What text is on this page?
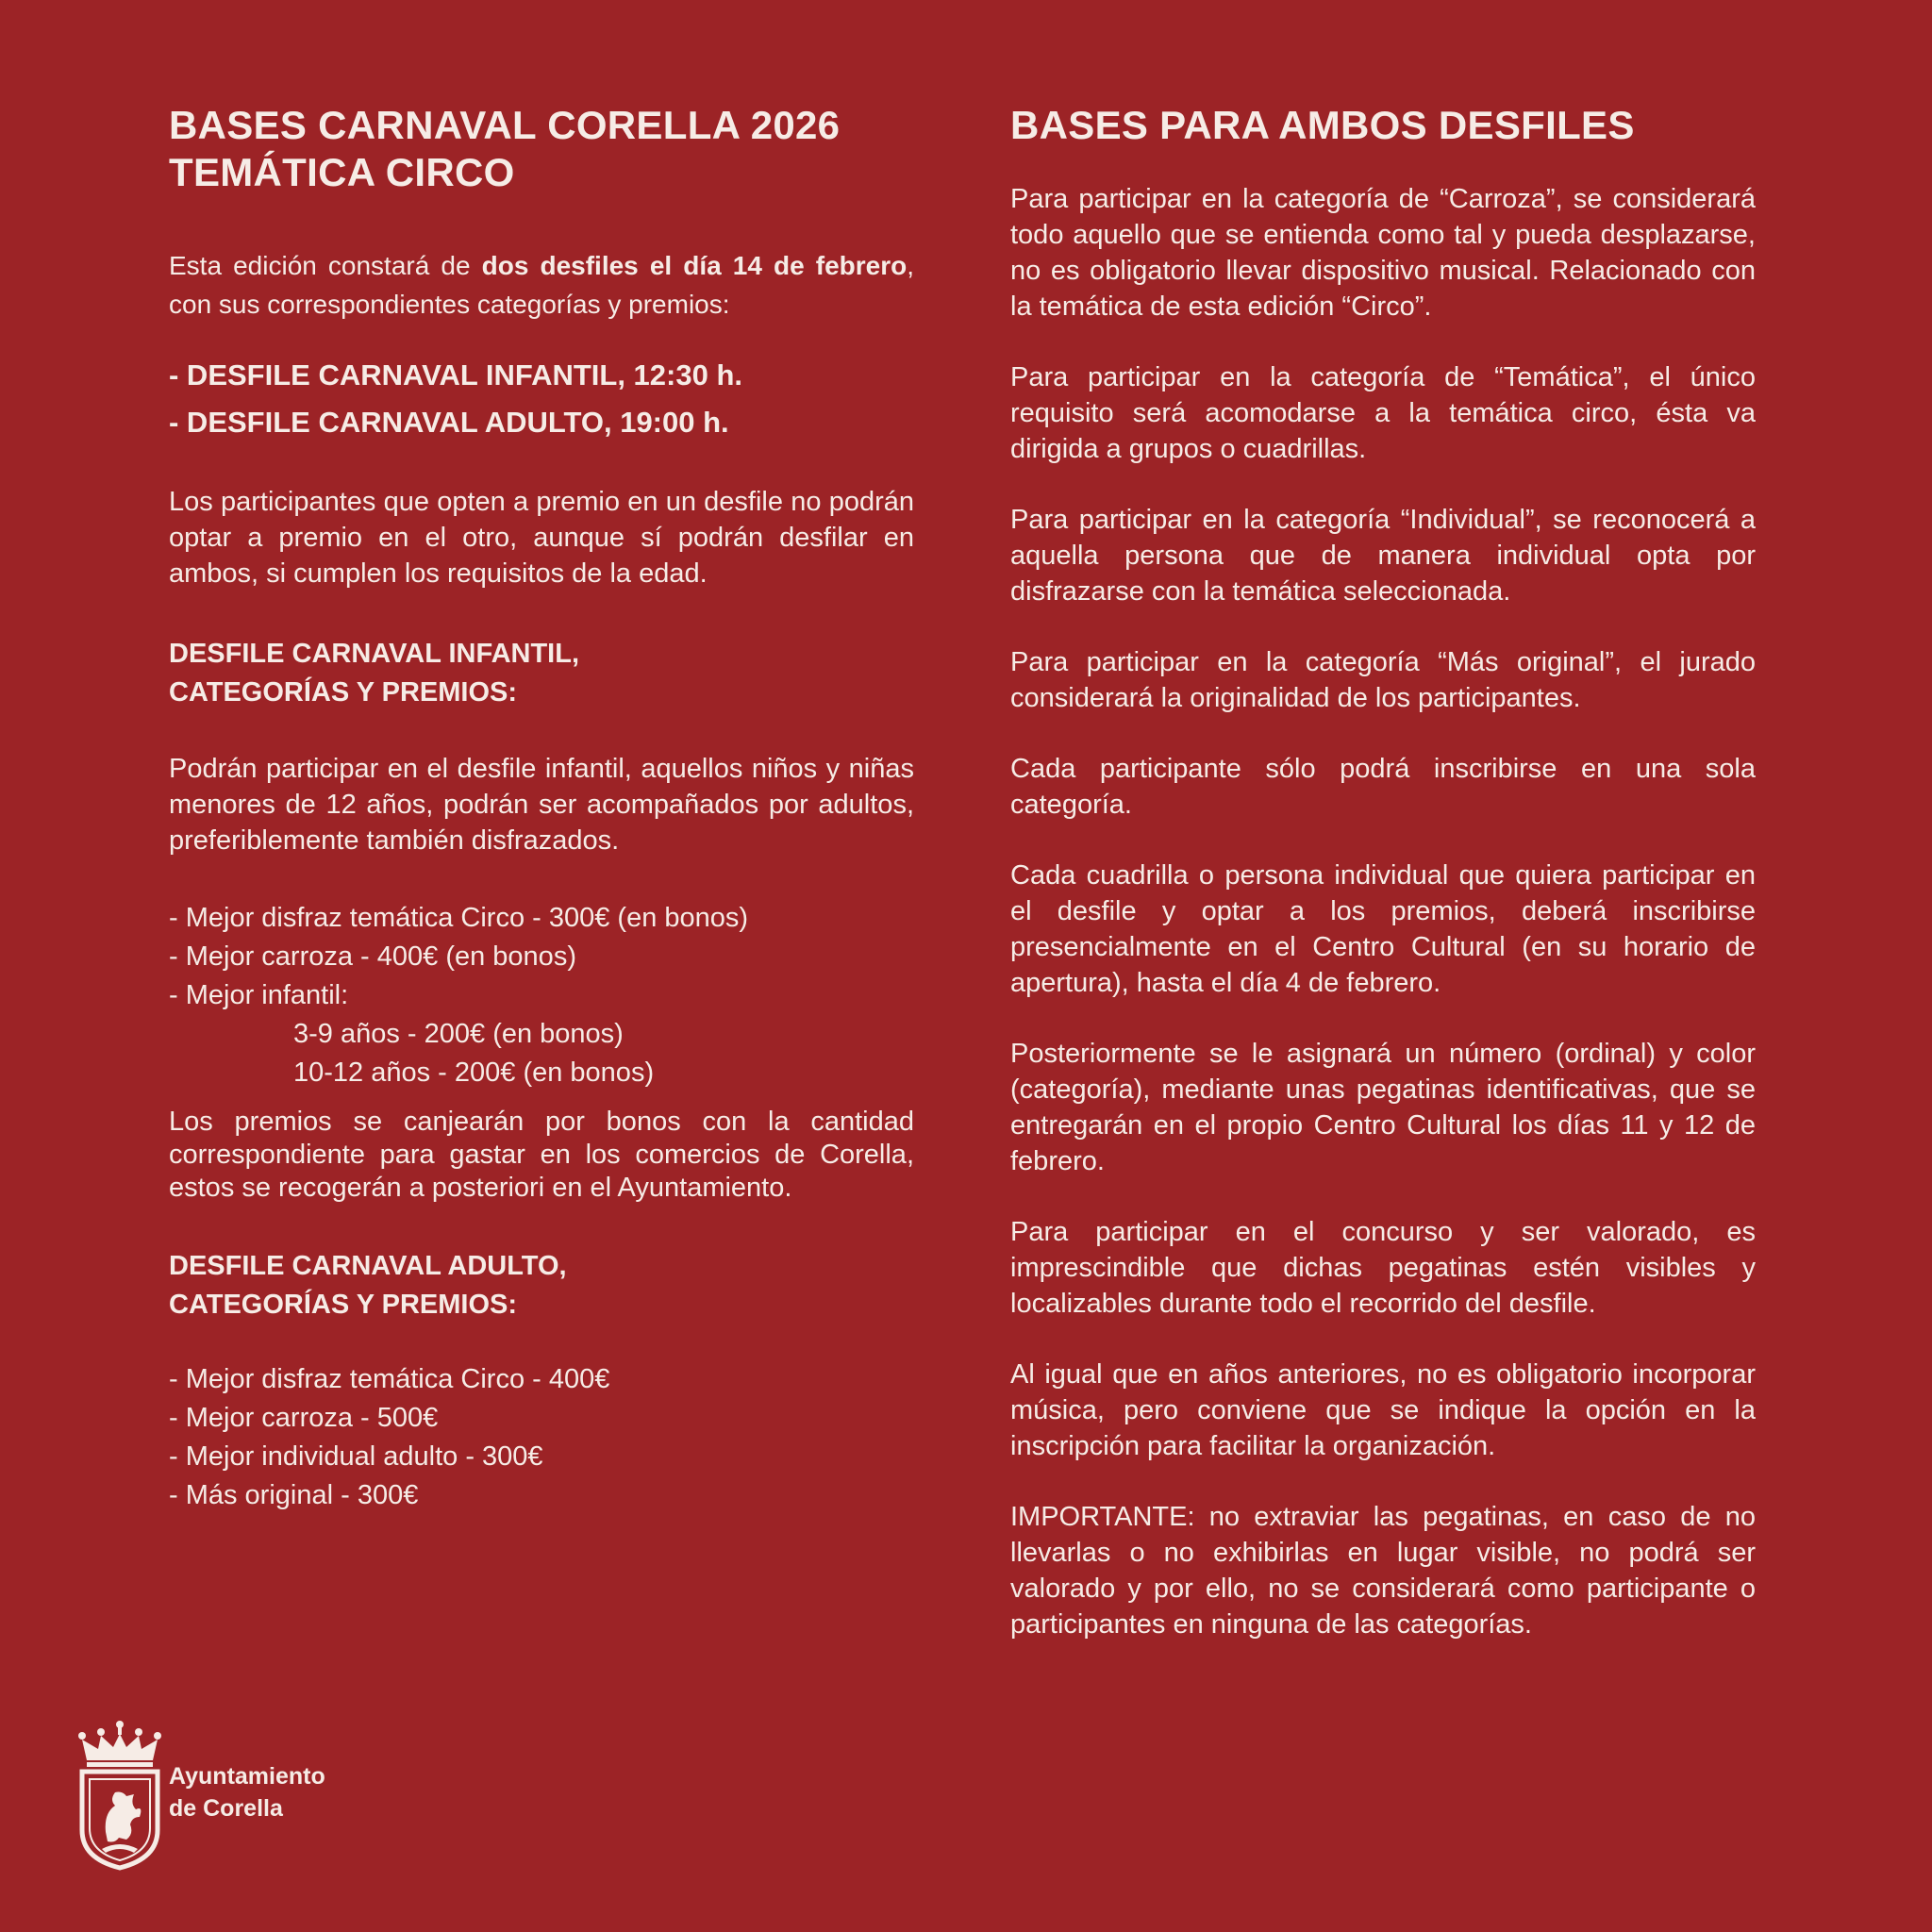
BASES CARNAVAL CORELLA 2026
TEMÁTICA CIRCO

Esta edición constará de dos desfiles el día 14 de febrero, con sus correspondientes categorías y premios:

- DESFILE CARNAVAL INFANTIL, 12:30 h.
- DESFILE CARNAVAL ADULTO, 19:00 h.

Los participantes que opten a premio en un desfile no podrán optar a premio en el otro, aunque sí podrán desfilar en ambos, si cumplen los requisitos de la edad.

DESFILE CARNAVAL INFANTIL,
CATEGORÍAS Y PREMIOS:

Podrán participar en el desfile infantil, aquellos niños y niñas menores de 12 años, podrán ser acompañados por adultos, preferiblemente también disfrazados.

- Mejor disfraz temática Circo - 300€ (en bonos)
- Mejor carroza - 400€ (en bonos)
- Mejor infantil:
3-9 años - 200€ (en bonos)
10-12 años - 200€ (en bonos)

Los premios se canjearán por bonos con la cantidad correspondiente para gastar en los comercios de Corella, estos se recogerán a posteriori en el Ayuntamiento.

DESFILE CARNAVAL ADULTO,
CATEGORÍAS Y PREMIOS:
- Mejor disfraz temática Circo - 400€
- Mejor carroza - 500€
- Mejor individual adulto - 300€
- Más original - 300€
BASES PARA AMBOS DESFILES

Para participar en la categoría de “Carroza”, se considerará todo aquello que se entienda como tal y pueda desplazarse, no es obligatorio llevar dispositivo musical. Relacionado con la temática de esta edición “Circo”.

Para participar en la categoría de “Temática”, el único requisito será acomodarse a la temática circo, ésta va dirigida a grupos o cuadrillas.

Para participar en la categoría “Individual”, se reconocerá a aquella persona que de manera individual opta por disfrazarse con la temática seleccionada.

Para participar en la categoría “Más original”, el jurado considerará la originalidad de los participantes.

Cada participante sólo podrá inscribirse en una sola categoría.

Cada cuadrilla o persona individual que quiera participar en el desfile y optar a los premios, deberá inscribirse presencialmente en el Centro Cultural (en su horario de apertura), hasta el día 4 de febrero.

Posteriormente se le asignará un número (ordinal) y color (categoría), mediante unas pegatinas identificativas, que se entregarán en el propio Centro Cultural los días 11 y 12 de febrero.

Para participar en el concurso y ser valorado, es imprescindible que dichas pegatinas estén visibles y localizables durante todo el recorrido del desfile.

Al igual que en años anteriores, no es obligatorio incorporar música, pero conviene que se indique la opción en la inscripción para facilitar la organización.

IMPORTANTE: no extraviar las pegatinas, en caso de no llevarlas o no exhibirlas en lugar visible, no podrá ser valorado y por ello, no se considerará como participante o participantes en ninguna de las categorías.

Ayuntamiento
de Corella
